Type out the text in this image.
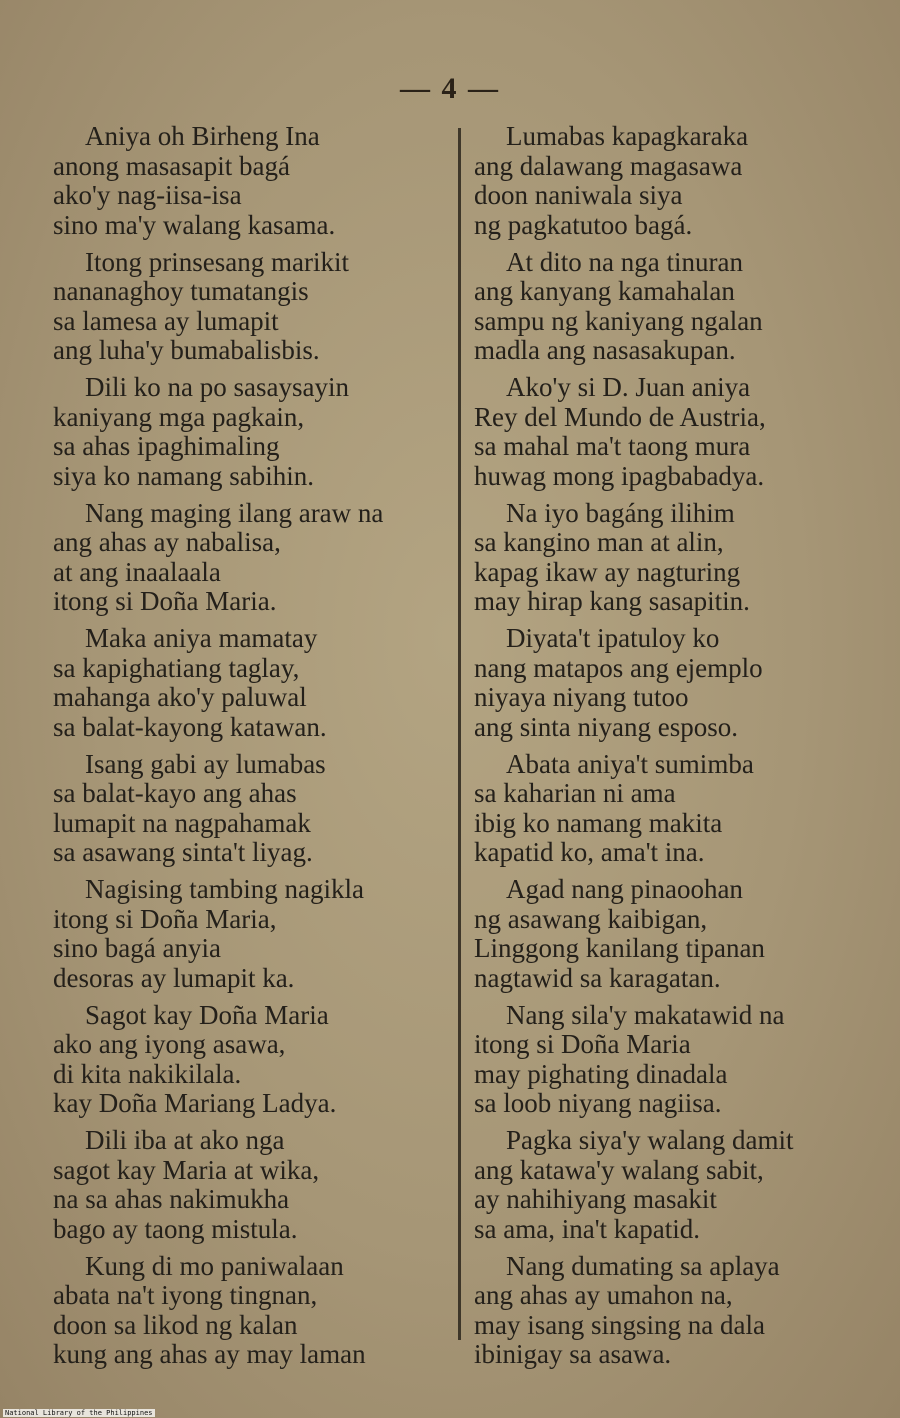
— 4 —
Aniya oh Birheng Ina
anong masasapit bagá
ako'y nag-iisa-isa
sino ma'y walang kasama.
Itong prinsesang marikit
nananaghoy tumatangis
sa lamesa ay lumapit
ang luha'y bumabalisbis.
Dili ko na po sasaysayin
kaniyang mga pagkain,
sa ahas ipaghimaling
siya ko namang sabihin.
Nang maging ilang araw na
ang ahas ay nabalisa,
at ang inaalaala
itong si Doña Maria.
Maka aniya mamatay
sa kapighatiang taglay,
mahanga ako'y paluwal
sa balat-kayong katawan.
Isang gabi ay lumabas
sa balat-kayo ang ahas
lumapit na nagpahamak
sa asawang sinta't liyag.
Nagising tambing nagikla
itong si Doña Maria,
sino bagá anyia
desoras ay lumapit ka.
Sagot kay Doña Maria
ako ang iyong asawa,
di kita nakikilala.
kay Doña Mariang Ladya.
Dili iba at ako nga
sagot kay Maria at wika,
na sa ahas nakimukha
bago ay taong mistula.
Kung di mo paniwalaan
abata na't iyong tingnan,
doon sa likod ng kalan
kung ang ahas ay may laman
Lumabas kapagkaraka
ang dalawang magasawa
doon naniwala siya
ng pagkatutoo bagá.
At dito na nga tinuran
ang kanyang kamahalan
sampu ng kaniyang ngalan
madla ang nasasakupan.
Ako'y si D. Juan aniya
Rey del Mundo de Austria,
sa mahal ma't taong mura
huwag mong ipagbabadya.
Na iyo bagáng ilihim
sa kangino man at alin,
kapag ikaw ay nagturing
may hirap kang sasapitin.
Diyata't ipatuloy ko
nang matapos ang ejemplo
niyaya niyang tutoo
ang sinta niyang esposo.
Abata aniya't sumimba
sa kaharian ni ama
ibig ko namang makita
kapatid ko, ama't ina.
Agad nang pinaoohan
ng asawang kaibigan,
Linggong kanilang tipanan
nagtawid sa karagatan.
Nang sila'y makatawid na
itong si Doña Maria
may pighating dinadala
sa loob niyang nagiisa.
Pagka siya'y walang damit
ang katawa'y walang sabit,
ay nahihiyang masakit
sa ama, ina't kapatid.
Nang dumating sa aplaya
ang ahas ay umahon na,
may isang singsing na dala
ibinigay sa asawa.
National Library of the Philippines
